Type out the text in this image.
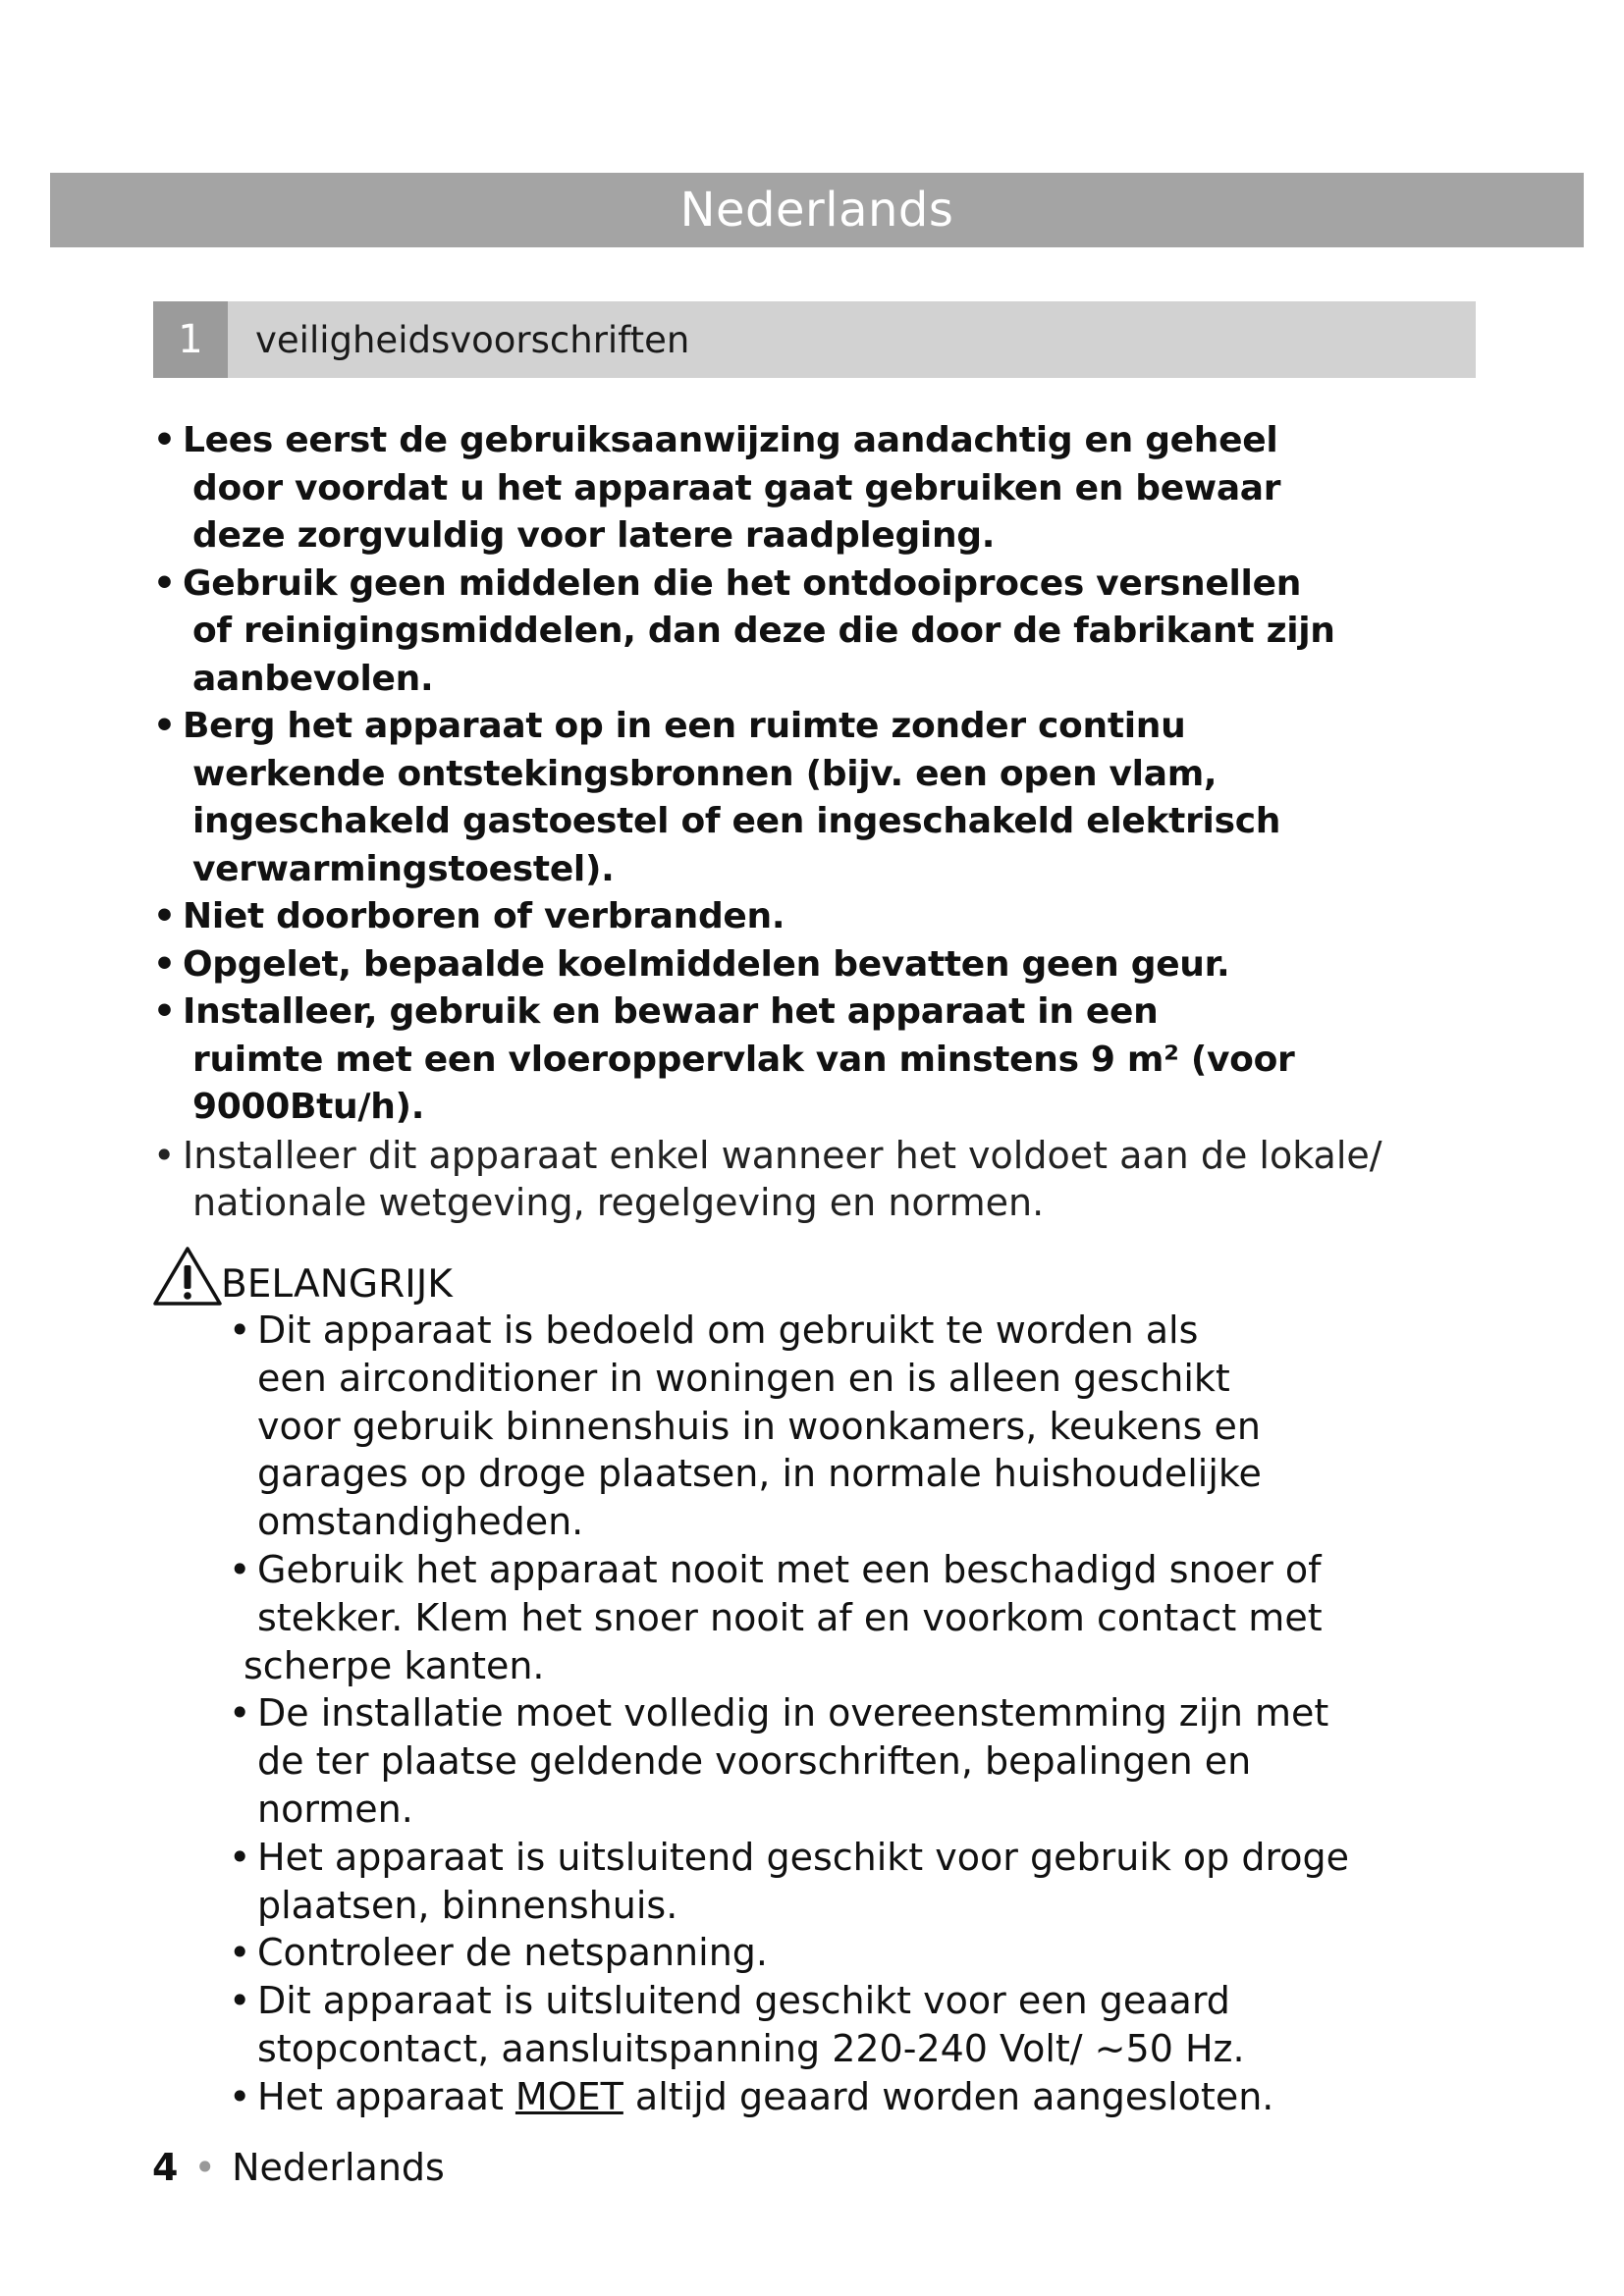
Nederlands
1	veiligheidsvoorschriften
• Lees eerst de gebruiksaanwijzing aandachtig en geheel
door voordat u het apparaat gaat gebruiken en bewaar
deze zorgvuldig voor latere raadpleging.
• Gebruik geen middelen die het ontdooiproces versnellen
of reinigingsmiddelen, dan deze die door de fabrikant zijn
aanbevolen.
• Berg het apparaat op in een ruimte zonder continu
werkende ontstekingsbronnen (bijv. een open vlam,
ingeschakeld gastoestel of een ingeschakeld elektrisch
verwarmingstoestel).
• Niet doorboren of verbranden.
• Opgelet, bepaalde koelmiddelen bevatten geen geur.
• Installeer, gebruik en bewaar het apparaat in een
ruimte met een vloeroppervlak van minstens 9 m² (voor
9000Btu/h).
• Installeer dit apparaat enkel wanneer het voldoet aan de lokale/
nationale wetgeving, regelgeving en normen.
BELANGRIJK
• Dit apparaat is bedoeld om gebruikt te worden als
een airconditioner in woningen en is alleen geschikt
voor gebruik binnenshuis in woonkamers, keukens en
garages op droge plaatsen, in normale huishoudelijke
omstandigheden.
• Gebruik het apparaat nooit met een beschadigd snoer of
stekker. Klem het snoer nooit af en voorkom contact met
scherpe kanten.
• De installatie moet volledig in overeenstemming zijn met
de ter plaatse geldende voorschriften, bepalingen en
normen.
• Het apparaat is uitsluitend geschikt voor gebruik op droge
plaatsen, binnenshuis.
• Controleer de netspanning.
• Dit apparaat is uitsluitend geschikt voor een geaard
stopcontact, aansluitspanning 220-240 Volt/ ~50 Hz.
• Het apparaat MOET altijd geaard worden aangesloten.
4 • Nederlands
